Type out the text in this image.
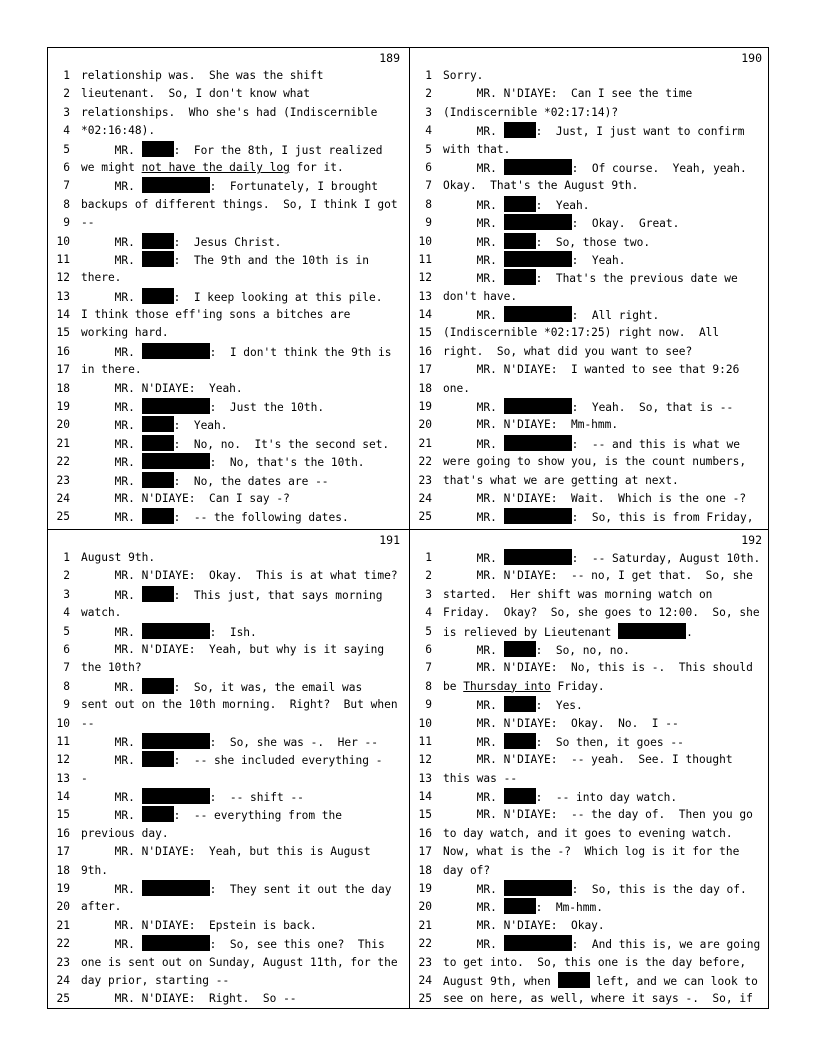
189
1 relationship was.  She was the shift
2 lieutenant.  So, I don't know what
3 relationships.  Who she's had (Indiscernible
4 *02:16:48).
5 MR.	:  For the 8th, I just realized
6 we might not have the daily log for it.
7 MR.	:  Fortunately, I brought
8 backups of different things.  So, I think I got
9 --
10 MR.	:  Jesus Christ.
11 MR.	:  The 9th and the 10th is in
12 there.
13 MR.	:  I keep looking at this pile.
14 I think those eff'ing sons a bitches are
15 working hard.
16 MR.	:  I don't think the 9th is
17 in there.
18 MR. N'DIAYE:  Yeah.
19 MR.	:  Just the 10th.
20 MR.	:  Yeah.
21 MR.	:  No, no.  It's the second set.
22 MR.	:  No, that's the 10th.
23 MR.	:  No, the dates are --
24 MR. N'DIAYE:  Can I say -?
25 MR.	:  -- the following dates.
190
1 Sorry.
2 MR. N'DIAYE:  Can I see the time
3 (Indiscernible *02:17:14)?
4 MR.	:  Just, I just want to confirm
5 with that.
6 MR.	:  Of course.  Yeah, yeah.
7 Okay.  That's the August 9th.
8 MR.	:  Yeah.
9 MR.	:  Okay.  Great.
10 MR.	:  So, those two.
11 MR.	:  Yeah.
12 MR.	:  That's the previous date we
13 don't have.
14 MR.	:  All right.
15 (Indiscernible *02:17:25) right now.  All
16 right.  So, what did you want to see?
17 MR. N'DIAYE:  I wanted to see that 9:26
18 one.
19 MR.	:  Yeah.  So, that is --
20 MR. N'DIAYE:  Mm-hmm.
21 MR.	:  -- and this is what we
22 were going to show you, is the count numbers,
23 that's what we are getting at next.
24 MR. N'DIAYE:  Wait.  Which is the one -?
25 MR.	:  So, this is from Friday,
191
1 August 9th.
2 MR. N'DIAYE:  Okay.  This is at what time?
3 MR.	:  This just, that says morning
4 watch.
5 MR.	:  Ish.
6 MR. N'DIAYE:  Yeah, but why is it saying
7 the 10th?
8 MR.	:  So, it was, the email was
9 sent out on the 10th morning.  Right?  But when
10 --
11 MR.	:  So, she was -.  Her --
12 MR.	:  -- she included everything -
13 -
14 MR.	:  -- shift --
15 MR.	:  -- everything from the
16 previous day.
17 MR. N'DIAYE:  Yeah, but this is August
18 9th.
19 MR.	:  They sent it out the day
20 after.
21 MR. N'DIAYE:  Epstein is back.
22 MR.	:  So, see this one?  This
23 one is sent out on Sunday, August 11th, for the
24 day prior, starting --
25 MR. N'DIAYE:  Right.  So --
192
1 MR.	:  -- Saturday, August 10th.
2 MR. N'DIAYE:  -- no, I get that.  So, she
3 started.  Her shift was morning watch on
4 Friday.  Okay?  So, she goes to 12:00.  So, she
5 is relieved by Lieutenant	.
6 MR.	:  So, no, no.
7 MR. N'DIAYE:  No, this is -.  This should
8 be Thursday into Friday.
9 MR.	:  Yes.
10 MR. N'DIAYE:  Okay.  No.  I --
11 MR.	:  So then, it goes --
12 MR. N'DIAYE:  -- yeah.  See. I thought
13 this was --
14 MR.	:  -- into day watch.
15 MR. N'DIAYE:  -- the day of.  Then you go
16 to day watch, and it goes to evening watch.
17 Now, what is the -?  Which log is it for the
18 day of?
19 MR.	:  So, this is the day of.
20 MR.	:  Mm-hmm.
21 MR. N'DIAYE:  Okay.
22 MR.	:  And this is, we are going
23 to get into.  So, this one is the day before,
24 August 9th, when	left, and we can look to
25 see on here, as well, where it says -.  So, if
